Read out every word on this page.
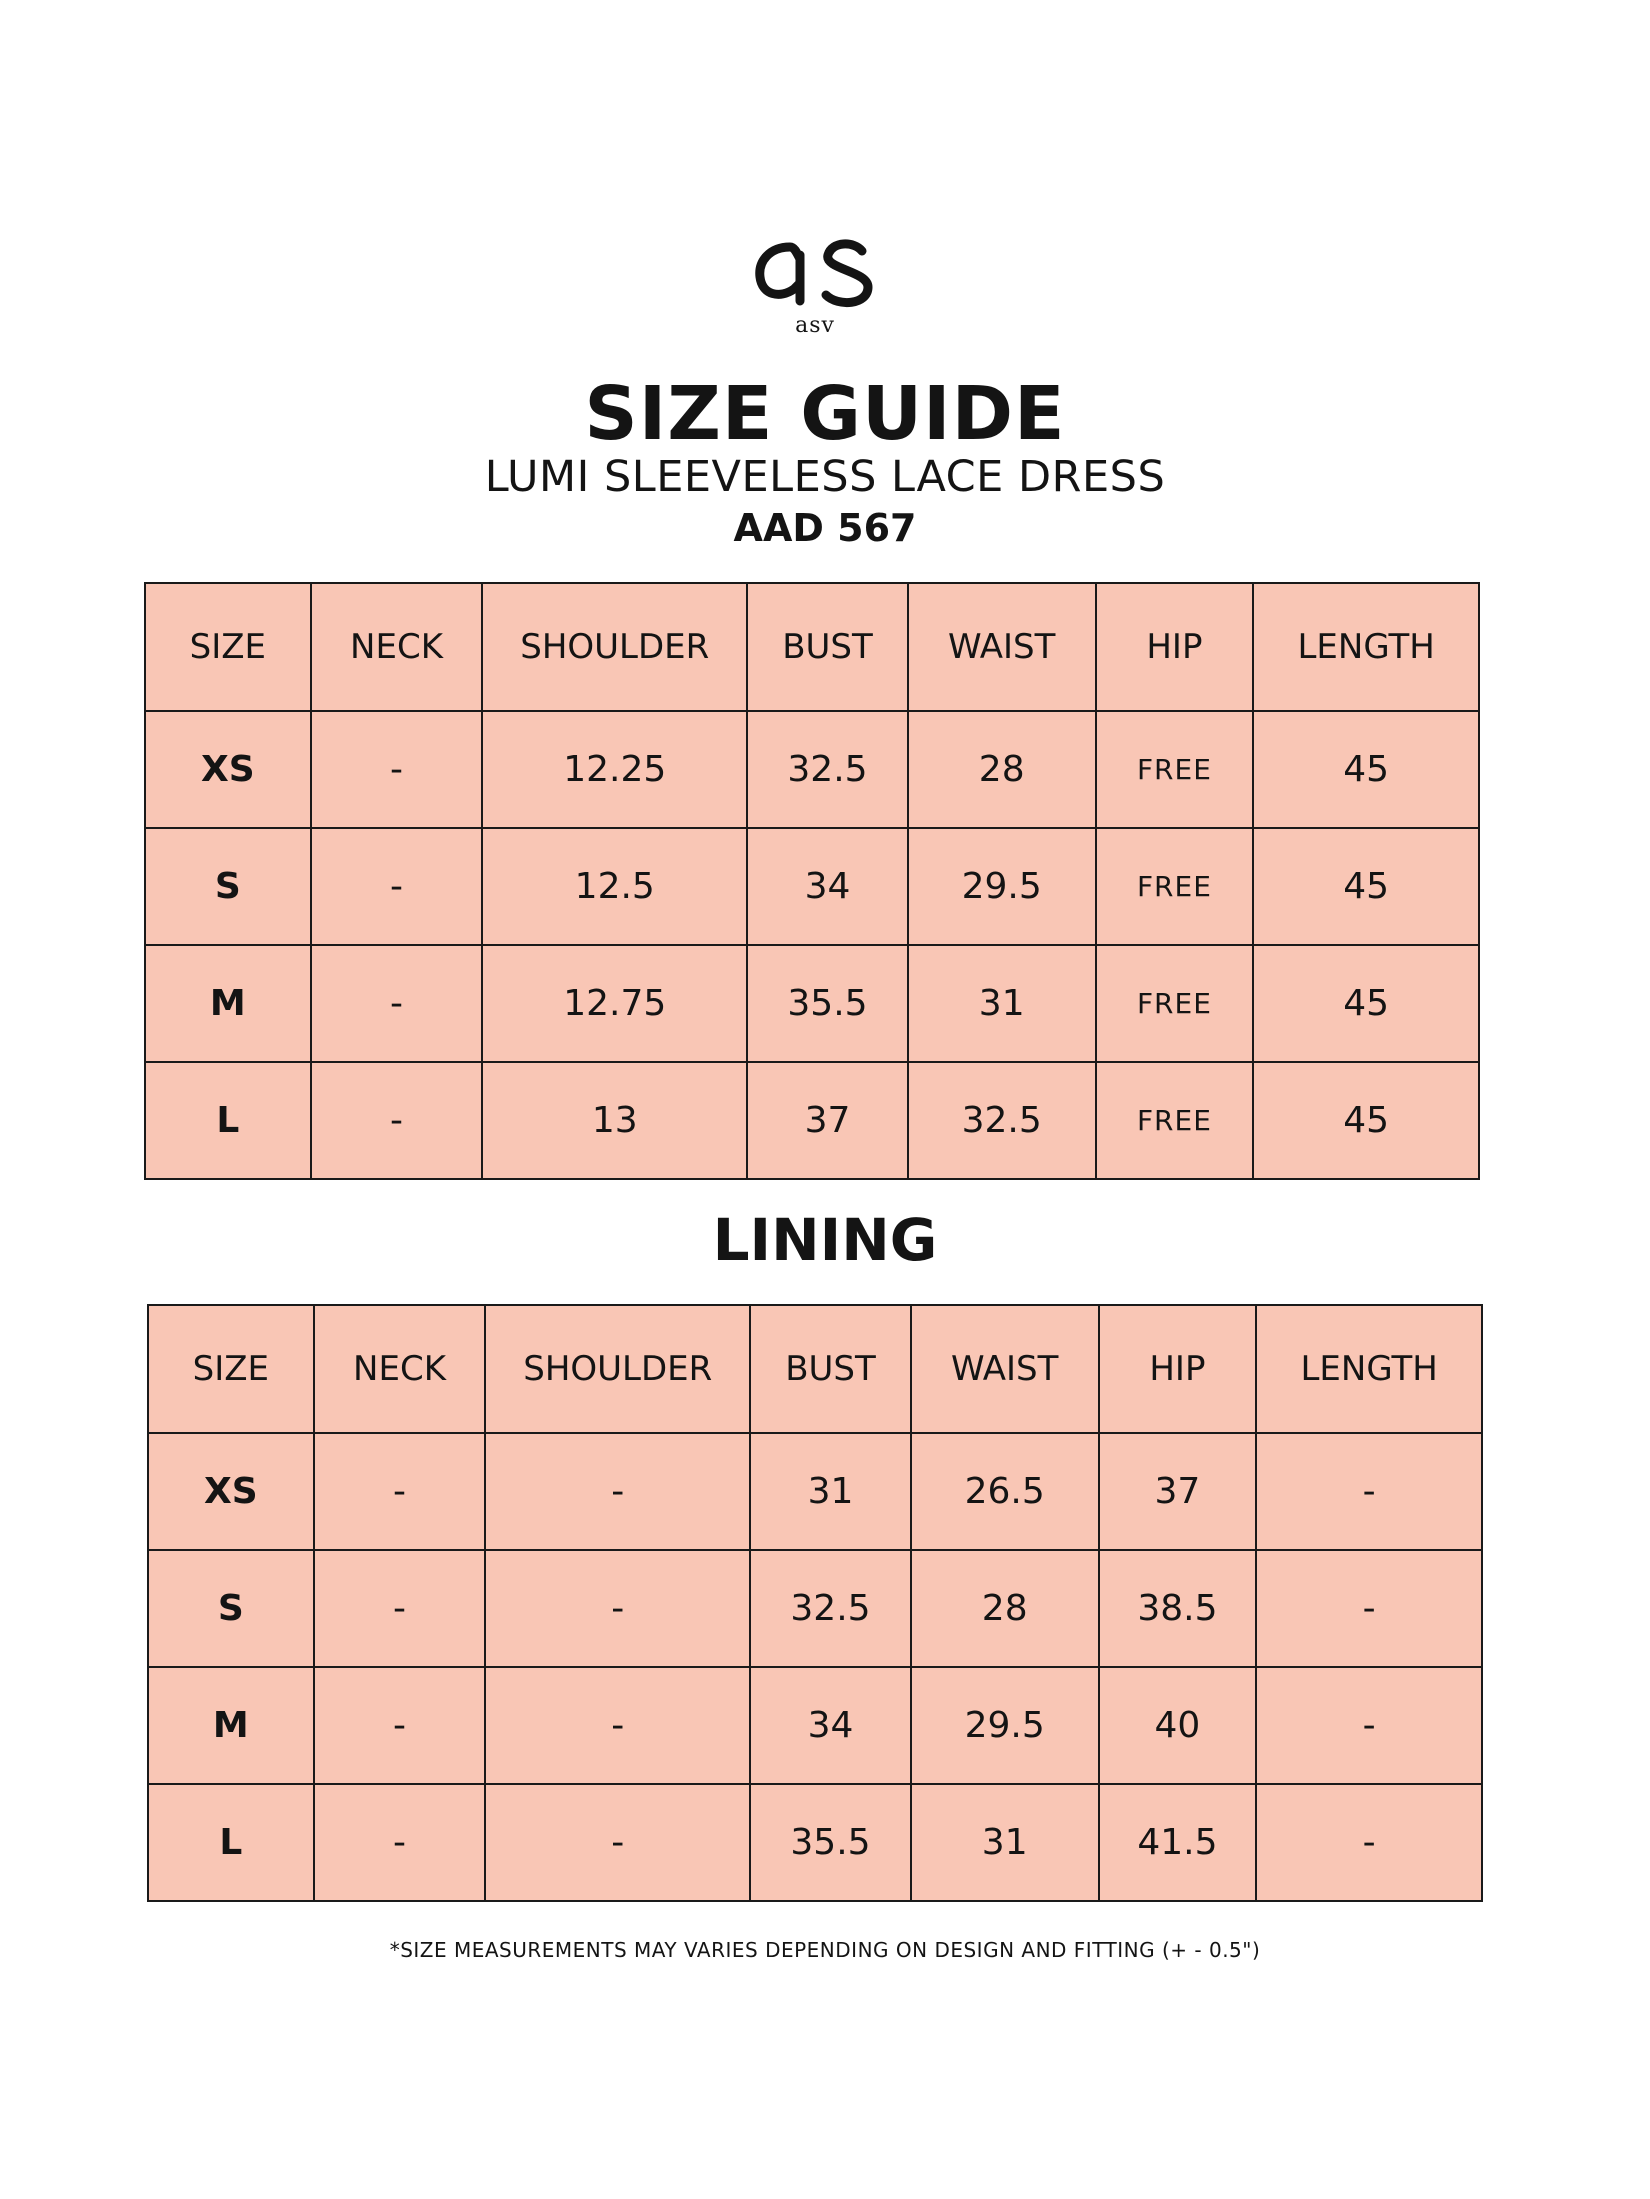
asv
SIZE GUIDE
LUMI SLEEVELESS LACE DRESS
AAD 567
SIZE	NECK	SHOULDER	BUST	WAIST	HIP	LENGTH
XS	-	12.25	32.5	28	FREE	45
S	-	12.5	34	29.5	FREE	45
M	-	12.75	35.5	31	FREE	45
L	-	13	37	32.5	FREE	45
LINING
SIZE	NECK	SHOULDER	BUST	WAIST	HIP	LENGTH
XS	-	-	31	26.5	37	-
S	-	-	32.5	28	38.5	-
M	-	-	34	29.5	40	-
L	-	-	35.5	31	41.5	-
*SIZE MEASUREMENTS MAY VARIES DEPENDING ON DESIGN AND FITTING (+ - 0.5")
